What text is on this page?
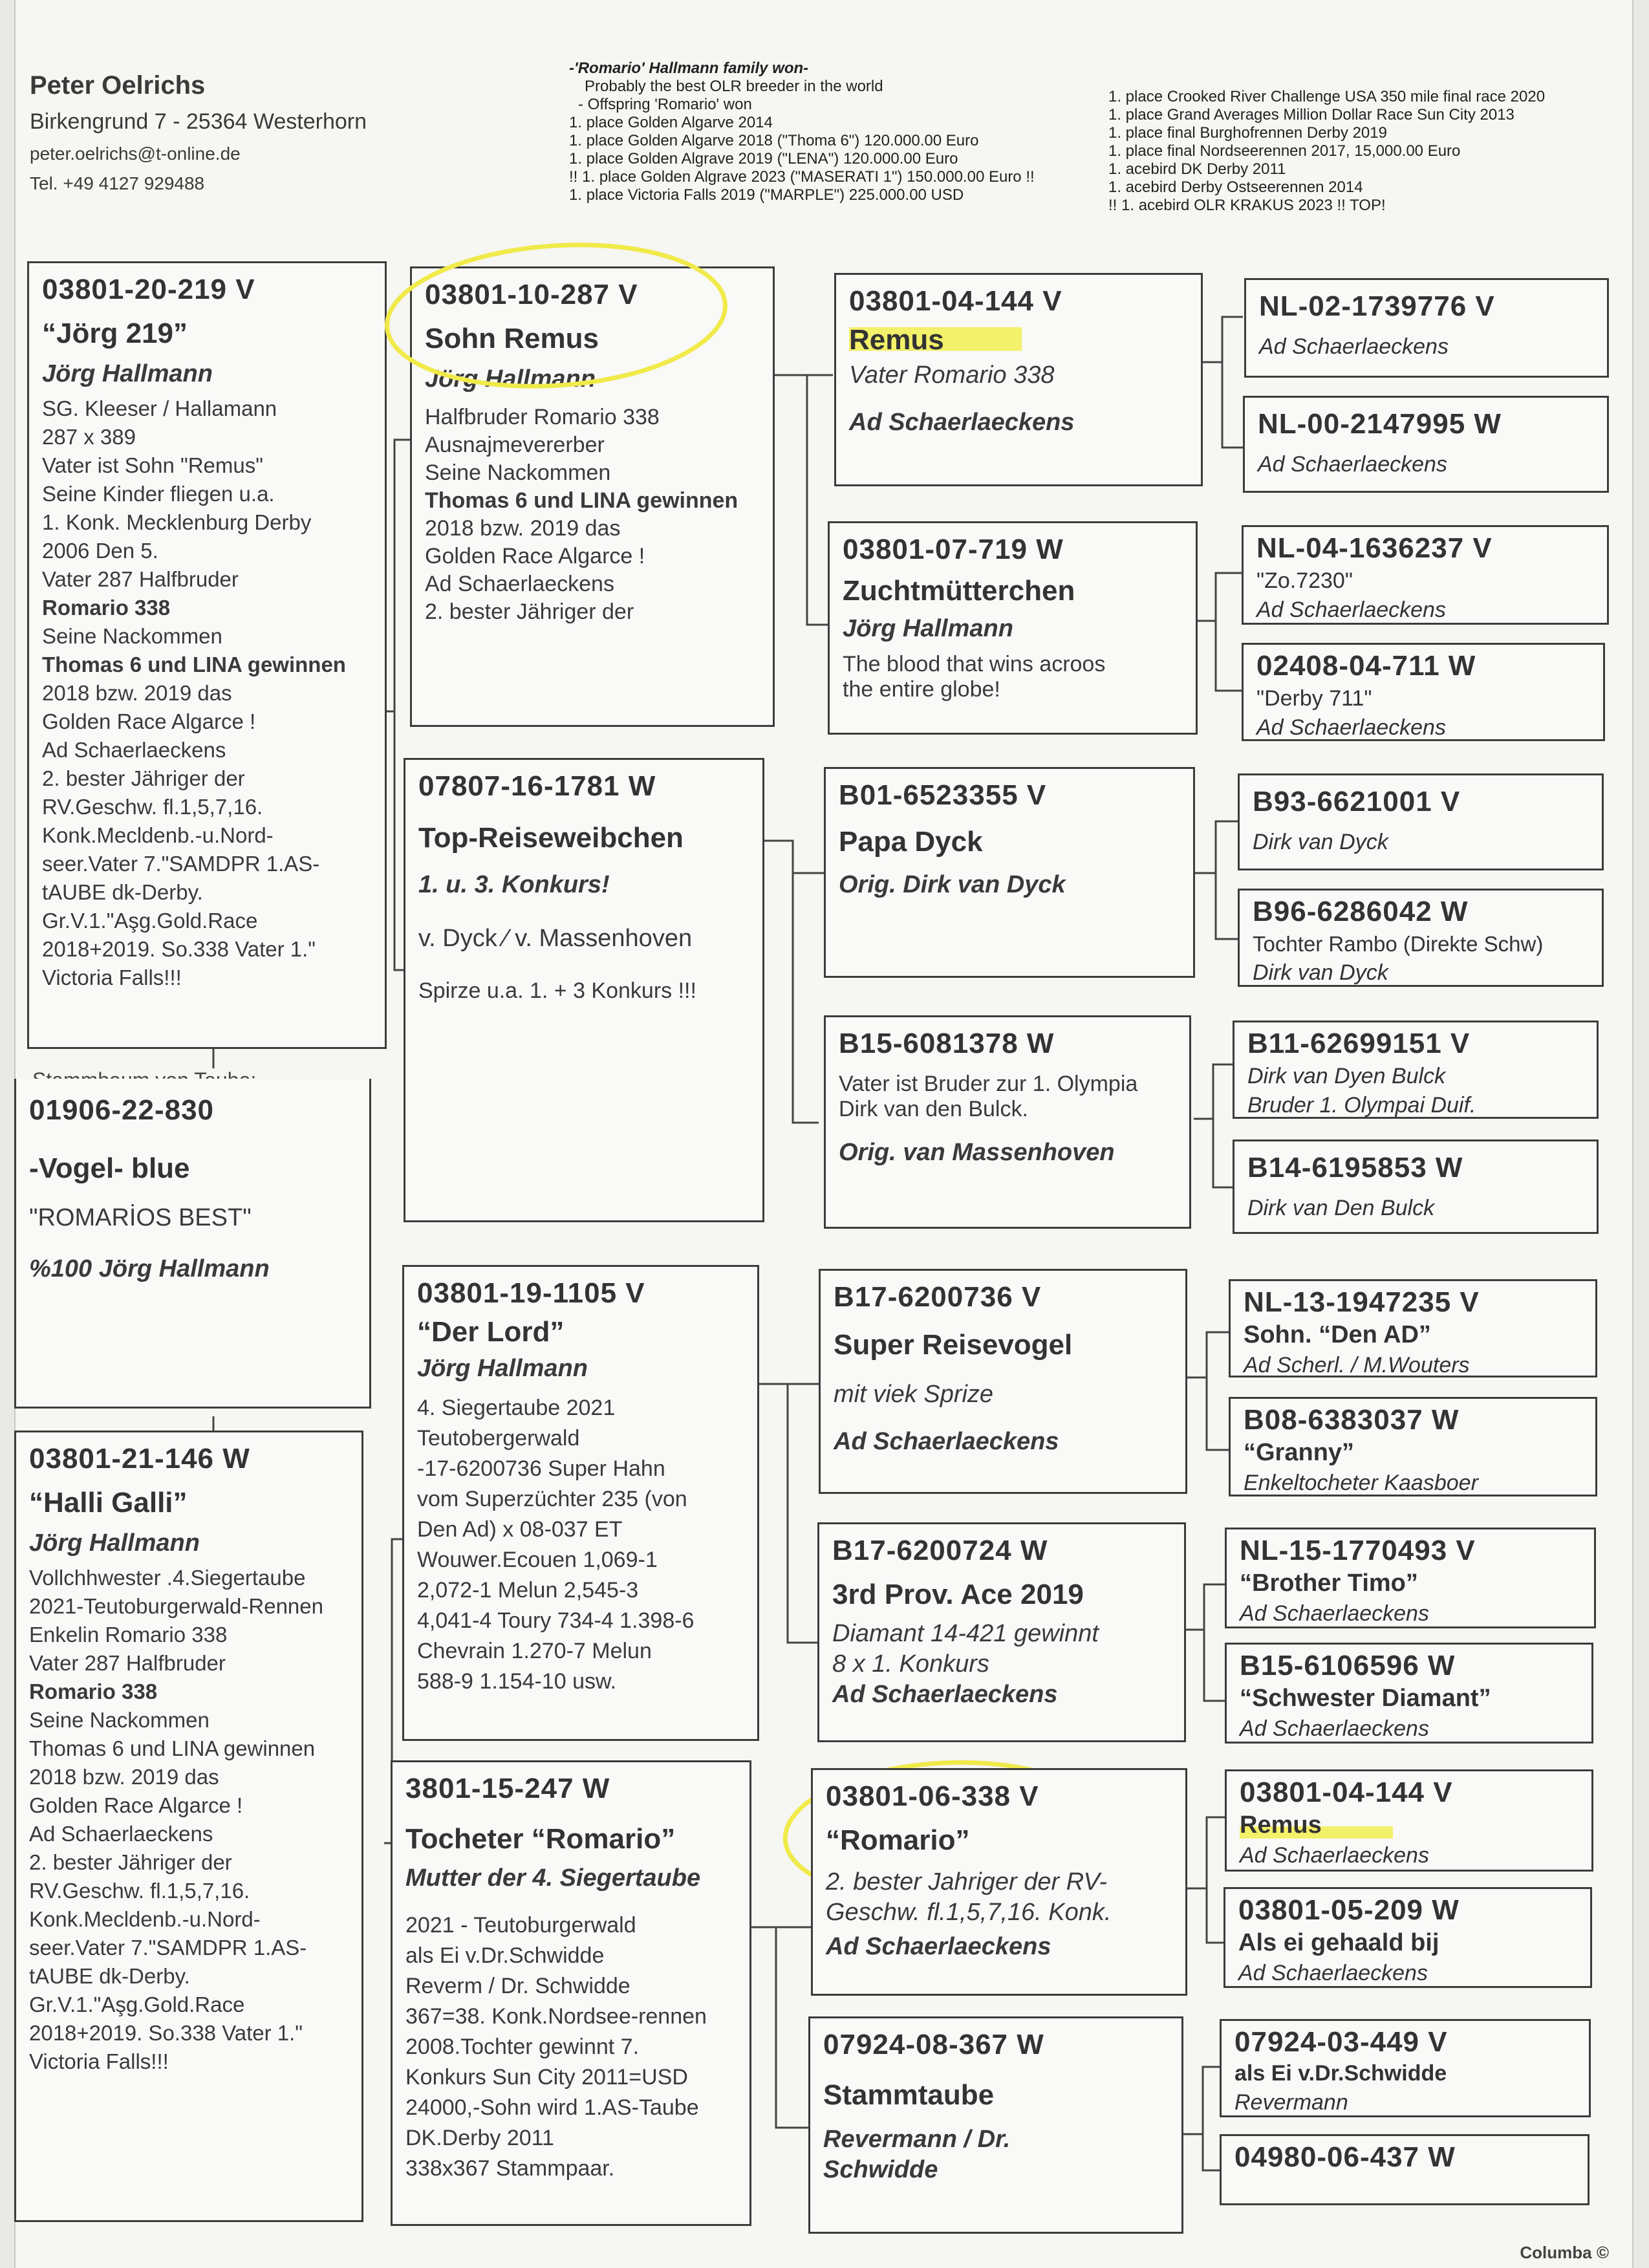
Peter Oelrichs
Birkengrund 7 - 25364 Westerhorn
peter.oelrichs@t-online.de
Tel. +49 4127 929488
-'Romario' Hallmann family won-
Probably the best OLR breeder in the world
- Offspring 'Romario' won
1. place Golden Algarve 2014
1. place Golden Algarve 2018 ("Thoma 6") 120.000.00 Euro
1. place Golden Algrave 2019 ("LENA") 120.000.00 Euro
!! 1. place Golden Algrave 2023 ("MASERATI 1") 150.000.00 Euro !!
1. place Victoria Falls 2019 ("MARPLE") 225.000.00 USD
1. place Crooked River Challenge USA 350 mile final race 2020
1. place Grand Averages Million Dollar Race Sun City 2013
1. place final Burghofrennen Derby 2019
1. place final Nordseerennen 2017, 15,000.00 Euro
1. acebird DK Derby 2011
1. acebird Derby Ostseerennen 2014
!! 1. acebird OLR KRAKUS 2023 !! TOP!
03801-20-219 V
“Jörg 219”
Jörg Hallmann
SG. Kleeser / Hallamann
287 x 389
Vater ist Sohn "Remus"
Seine Kinder fliegen u.a.
1. Konk. Mecklenburg Derby
2006 Den 5.
Vater 287 Halfbruder
Romario 338
Seine Nackommen
Thomas 6 und LINA gewinnen
2018 bzw. 2019 das
Golden Race Algarce !
Ad Schaerlaeckens
2. bester Jähriger der
RV.Geschw. fl.1,5,7,16.
Konk.Mecldenb.-u.Nord-
seer.Vater 7."SAMDPR 1.AS-
tAUBE dk-Derby.
Gr.V.1."Aşg.Gold.Race
2018+2019. So.338 Vater 1."
Victoria Falls!!!
01906-22-830
-Vogel- blue
"ROMARİOS BEST"
%100 Jörg Hallmann
03801-21-146 W
“Halli Galli”
Jörg Hallmann
Vollchhwester .4.Siegertaube
2021-Teutoburgerwald-Rennen
Enkelin Romario 338
Vater 287 Halfbruder
Romario 338
Seine Nackommen
Thomas 6 und LINA gewinnen
2018 bzw. 2019 das
Golden Race Algarce !
Ad Schaerlaeckens
2. bester Jähriger der
RV.Geschw. fl.1,5,7,16.
Konk.Mecldenb.-u.Nord-
seer.Vater 7."SAMDPR 1.AS-
tAUBE dk-Derby.
Gr.V.1."Aşg.Gold.Race
2018+2019. So.338 Vater 1."
Victoria Falls!!!
03801-10-287 V
Sohn Remus
Jörg Hallmann
Halfbruder Romario 338
Ausnajmevererber
Seine Nackommen
Thomas 6 und LINA gewinnen
2018 bzw. 2019 das
Golden Race Algarce !
Ad Schaerlaeckens
2. bester Jähriger der
07807-16-1781 W
Top-Reiseweibchen
1. u. 3. Konkurs!
v. Dyck ⁄ v. Massenhoven
Spirze u.a. 1. + 3 Konkurs !!!
03801-19-1105 V
“Der Lord”
Jörg Hallmann
4. Siegertaube 2021
Teutobergerwald
-17-6200736 Super Hahn
vom Superzüchter 235 (von
Den Ad) x 08-037 ET
Wouwer.Ecouen 1,069-1
2,072-1 Melun 2,545-3
4,041-4 Toury 734-4 1.398-6
Chevrain 1.270-7 Melun
588-9 1.154-10 usw.
3801-15-247 W
Tocheter “Romario”
Mutter der 4. Siegertaube
2021 - Teutoburgerwald
als Ei v.Dr.Schwidde
Reverm / Dr. Schwidde
367=38. Konk.Nordsee-rennen
2008.Tochter gewinnt 7.
Konkurs Sun City 2011=USD
24000,-Sohn wird 1.AS-Taube
DK.Derby 2011
338x367 Stammpaar.
03801-04-144 V
Remus
Vater Romario 338
Ad Schaerlaeckens
03801-07-719 W
Zuchtmütterchen
Jörg Hallmann
The blood that wins acroos
the entire globe!
B01-6523355 V
Papa Dyck
Orig. Dirk van Dyck
B15-6081378 W
Vater ist Bruder zur 1. Olympia
Dirk van den Bulck.
Orig. van Massenhoven
B17-6200736 V
Super Reisevogel
mit viek Sprize
Ad Schaerlaeckens
B17-6200724 W
3rd Prov. Ace 2019
Diamant 14-421 gewinnt
8 x 1. Konkurs
Ad Schaerlaeckens
03801-06-338 V
“Romario”
2. bester Jahriger der RV-
Geschw. fl.1,5,7,16. Konk.
Ad Schaerlaeckens
07924-08-367 W
Stammtaube
Revermann / Dr.
Schwidde
NL-02-1739776 V
Ad Schaerlaeckens
NL-00-2147995 W
Ad Schaerlaeckens
NL-04-1636237 V
"Zo.7230"
Ad Schaerlaeckens
02408-04-711 W
"Derby 711"
Ad Schaerlaeckens
B93-6621001 V
Dirk van Dyck
B96-6286042 W
Tochter Rambo (Direkte Schw)
Dirk van Dyck
B11-62699151 V
Dirk van Dyen Bulck
Bruder 1. Olympai Duif.
B14-6195853 W
Dirk van Den Bulck
NL-13-1947235 V
Sohn. “Den AD”
Ad Scherl. / M.Wouters
B08-6383037 W
“Granny”
Enkeltocheter Kaasboer
NL-15-1770493 V
“Brother Timo”
Ad Schaerlaeckens
B15-6106596 W
“Schwester Diamant”
Ad Schaerlaeckens
03801-04-144 V
Remus
Ad Schaerlaeckens
03801-05-209 W
Als ei gehaald bij
Ad Schaerlaeckens
07924-03-449 V
als Ei v.Dr.Schwidde
Revermann
04980-06-437 W
Columba ©
